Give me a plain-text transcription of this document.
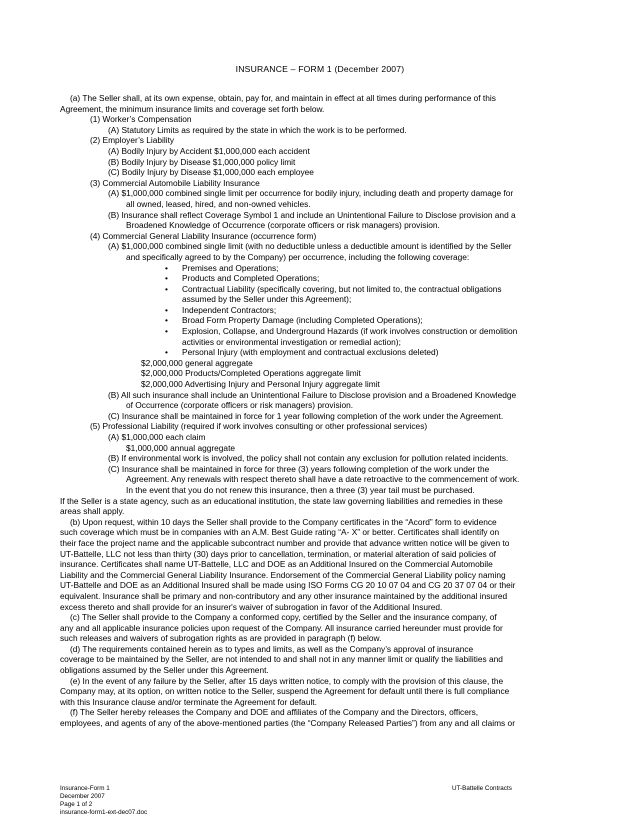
INSURANCE – FORM 1 (December 2007)
(a) The Seller shall, at its own expense, obtain, pay for, and maintain in effect at all times during performance of this
Agreement, the minimum insurance limits and coverage set forth below.
(1) Worker’s Compensation
(A) Statutory Limits as required by the state in which the work is to be performed.
(2) Employer’s Liability
(A) Bodily Injury by Accident $1,000,000 each accident
(B) Bodily Injury by Disease $1,000,000 policy limit
(C) Bodily Injury by Disease $1,000,000 each employee
(3) Commercial Automobile Liability Insurance
(A) $1,000,000 combined single limit per occurrence for bodily injury, including death and property damage for
all owned, leased, hired, and non-owned vehicles.
(B) Insurance shall reflect Coverage Symbol 1 and include an Unintentional Failure to Disclose provision and a
Broadened Knowledge of Occurrence (corporate officers or risk managers) provision.
(4) Commercial General Liability Insurance (occurrence form)
(A) $1,000,000 combined single limit (with no deductible unless a deductible amount is identified by the Seller
and specifically agreed to by the Company) per occurrence, including the following coverage:
• Premises and Operations;
• Products and Completed Operations;
• Contractual Liability (specifically covering, but not limited to, the contractual obligations
assumed by the Seller under this Agreement);
• Independent Contractors;
• Broad Form Property Damage (including Completed Operations);
• Explosion, Collapse, and Underground Hazards (if work involves construction or demolition
activities or environmental investigation or remedial action);
• Personal Injury (with employment and contractual exclusions deleted)
$2,000,000 general aggregate
$2,000,000 Products/Completed Operations aggregate limit
$2,000,000 Advertising Injury and Personal Injury aggregate limit
(B) All such insurance shall include an Unintentional Failure to Disclose provision and a Broadened Knowledge
of Occurrence (corporate officers or risk managers) provision.
(C) Insurance shall be maintained in force for 1 year following completion of the work under the Agreement.
(5) Professional Liability (required if work involves consulting or other professional services)
(A) $1,000,000 each claim
$1,000,000 annual aggregate
(B) If environmental work is involved, the policy shall not contain any exclusion for pollution related incidents.
(C) Insurance shall be maintained in force for three (3) years following completion of the work under the
Agreement. Any renewals with respect thereto shall have a date retroactive to the commencement of work.
In the event that you do not renew this insurance, then a three (3) year tail must be purchased.
If the Seller is a state agency, such as an educational institution, the state law governing liabilities and remedies in these
areas shall apply.
(b) Upon request, within 10 days the Seller shall provide to the Company certificates in the “Acord” form to evidence
such coverage which must be in companies with an A.M. Best Guide rating “A- X” or better. Certificates shall identify on
their face the project name and the applicable subcontract number and provide that advance written notice will be given to
UT-Battelle, LLC not less than thirty (30) days prior to cancellation, termination, or material alteration of said policies of
insurance. Certificates shall name UT-Battelle, LLC and DOE as an Additional Insured on the Commercial Automobile
Liability and the Commercial General Liability Insurance. Endorsement of the Commercial General Liability policy naming
UT-Battelle and DOE as an Additional Insured shall be made using ISO Forms CG 20 10 07 04 and CG 20 37 07 04 or their
equivalent. Insurance shall be primary and non-contributory and any other insurance maintained by the additional insured
excess thereto and shall provide for an insurer's waiver of subrogation in favor of the Additional Insured.
(c) The Seller shall provide to the Company a conformed copy, certified by the Seller and the insurance company, of
any and all applicable insurance policies upon request of the Company. All insurance carried hereunder must provide for
such releases and waivers of subrogation rights as are provided in paragraph (f) below.
(d) The requirements contained herein as to types and limits, as well as the Company’s approval of insurance
coverage to be maintained by the Seller, are not intended to and shall not in any manner limit or qualify the liabilities and
obligations assumed by the Seller under this Agreement.
(e) In the event of any failure by the Seller, after 15 days written notice, to comply with the provision of this clause, the
Company may, at its option, on written notice to the Seller, suspend the Agreement for default until there is full compliance
with this Insurance clause and/or terminate the Agreement for default.
(f) The Seller hereby releases the Company and DOE and affiliates of the Company and the Directors, officers,
employees, and agents of any of the above-mentioned parties (the “Company Released Parties”) from any and all claims or
Insurance-Form 1
December 2007
Page 1 of 2
insurance-form1-ext-dec07.doc
UT-Battelle Contracts
